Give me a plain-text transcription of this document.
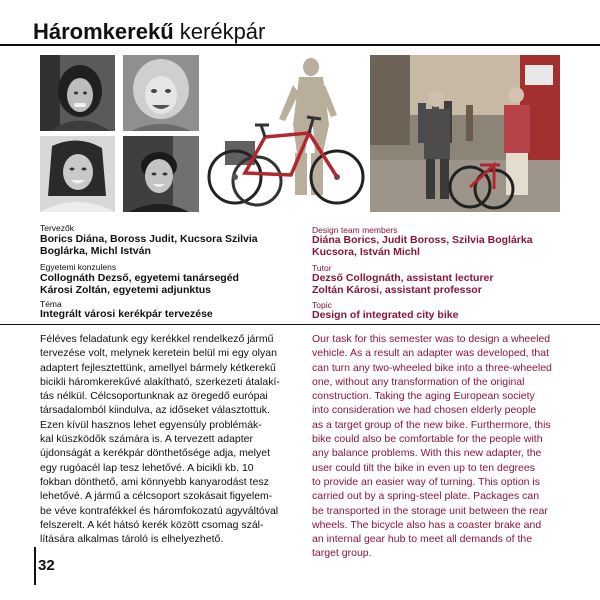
Háromkerekű kerékpár
Tervezők
Borics Diána, Boross Judit, Kucsora Szilvia
Boglárka, Michl István
Egyetemi konzulens
Collognáth Dezső, egyetemi tanársegéd
Károsi Zoltán, egyetemi adjunktus
Téma
Integrált városi kerékpár tervezése
Design team members
Diána Borics, Judit Boross, Szilvia Boglárka
Kucsora, István Michl
Tutor
Dezső Collognáth, assistant lecturer
Zoltán Károsi, assistant professor
Topic
Design of integrated city bike
Féléves feladatunk egy kerékkel rendelkező jármű
tervezése volt, melynek keretein belül mi egy olyan
adaptert fejlesztettünk, amellyel bármely kétkerekű
bicikli háromkerekűvé alakítható, szerkezeti átalakí-
tás nélkül. Célcsoportunknak az öregedő európai
társadalomból kiindulva, az időseket választottuk.
Ezen kívül hasznos lehet egyensúly problémák-
kal küszködők számára is. A tervezett adapter
újdonságát a kerékpár dönthetősége adja, melyet
egy rugóacél lap tesz lehetővé. A bicikli kb. 10
fokban dönthető, ami könnyebb kanyarodást tesz
lehetővé. A jármű a célcsoport szokásait figyelem-
be véve kontrafékkel és háromfokozatú agyváltóval
felszerelt. A két hátsó kerék között csomag szál-
lítására alkalmas tároló is elhelyezhető.
Our task for this semester was to design a wheeled
vehicle. As a result an adapter was developed, that
can turn any two-wheeled bike into a three-wheeled
one, without any transformation of the original
construction. Taking the aging European society
into consideration we had chosen elderly people
as a target group of the new bike. Furthermore, this
bike could also be comfortable for the people with
any balance problems. With this new adapter, the
user could tilt the bike in even up to ten degrees
to provide an easier way of turning. This option is
carried out by a spring-steel plate. Packages can
be transported in the storage unit between the rear
wheels. The bicycle also has a coaster brake and
an internal gear hub to meet all demands of the
target group.
32
